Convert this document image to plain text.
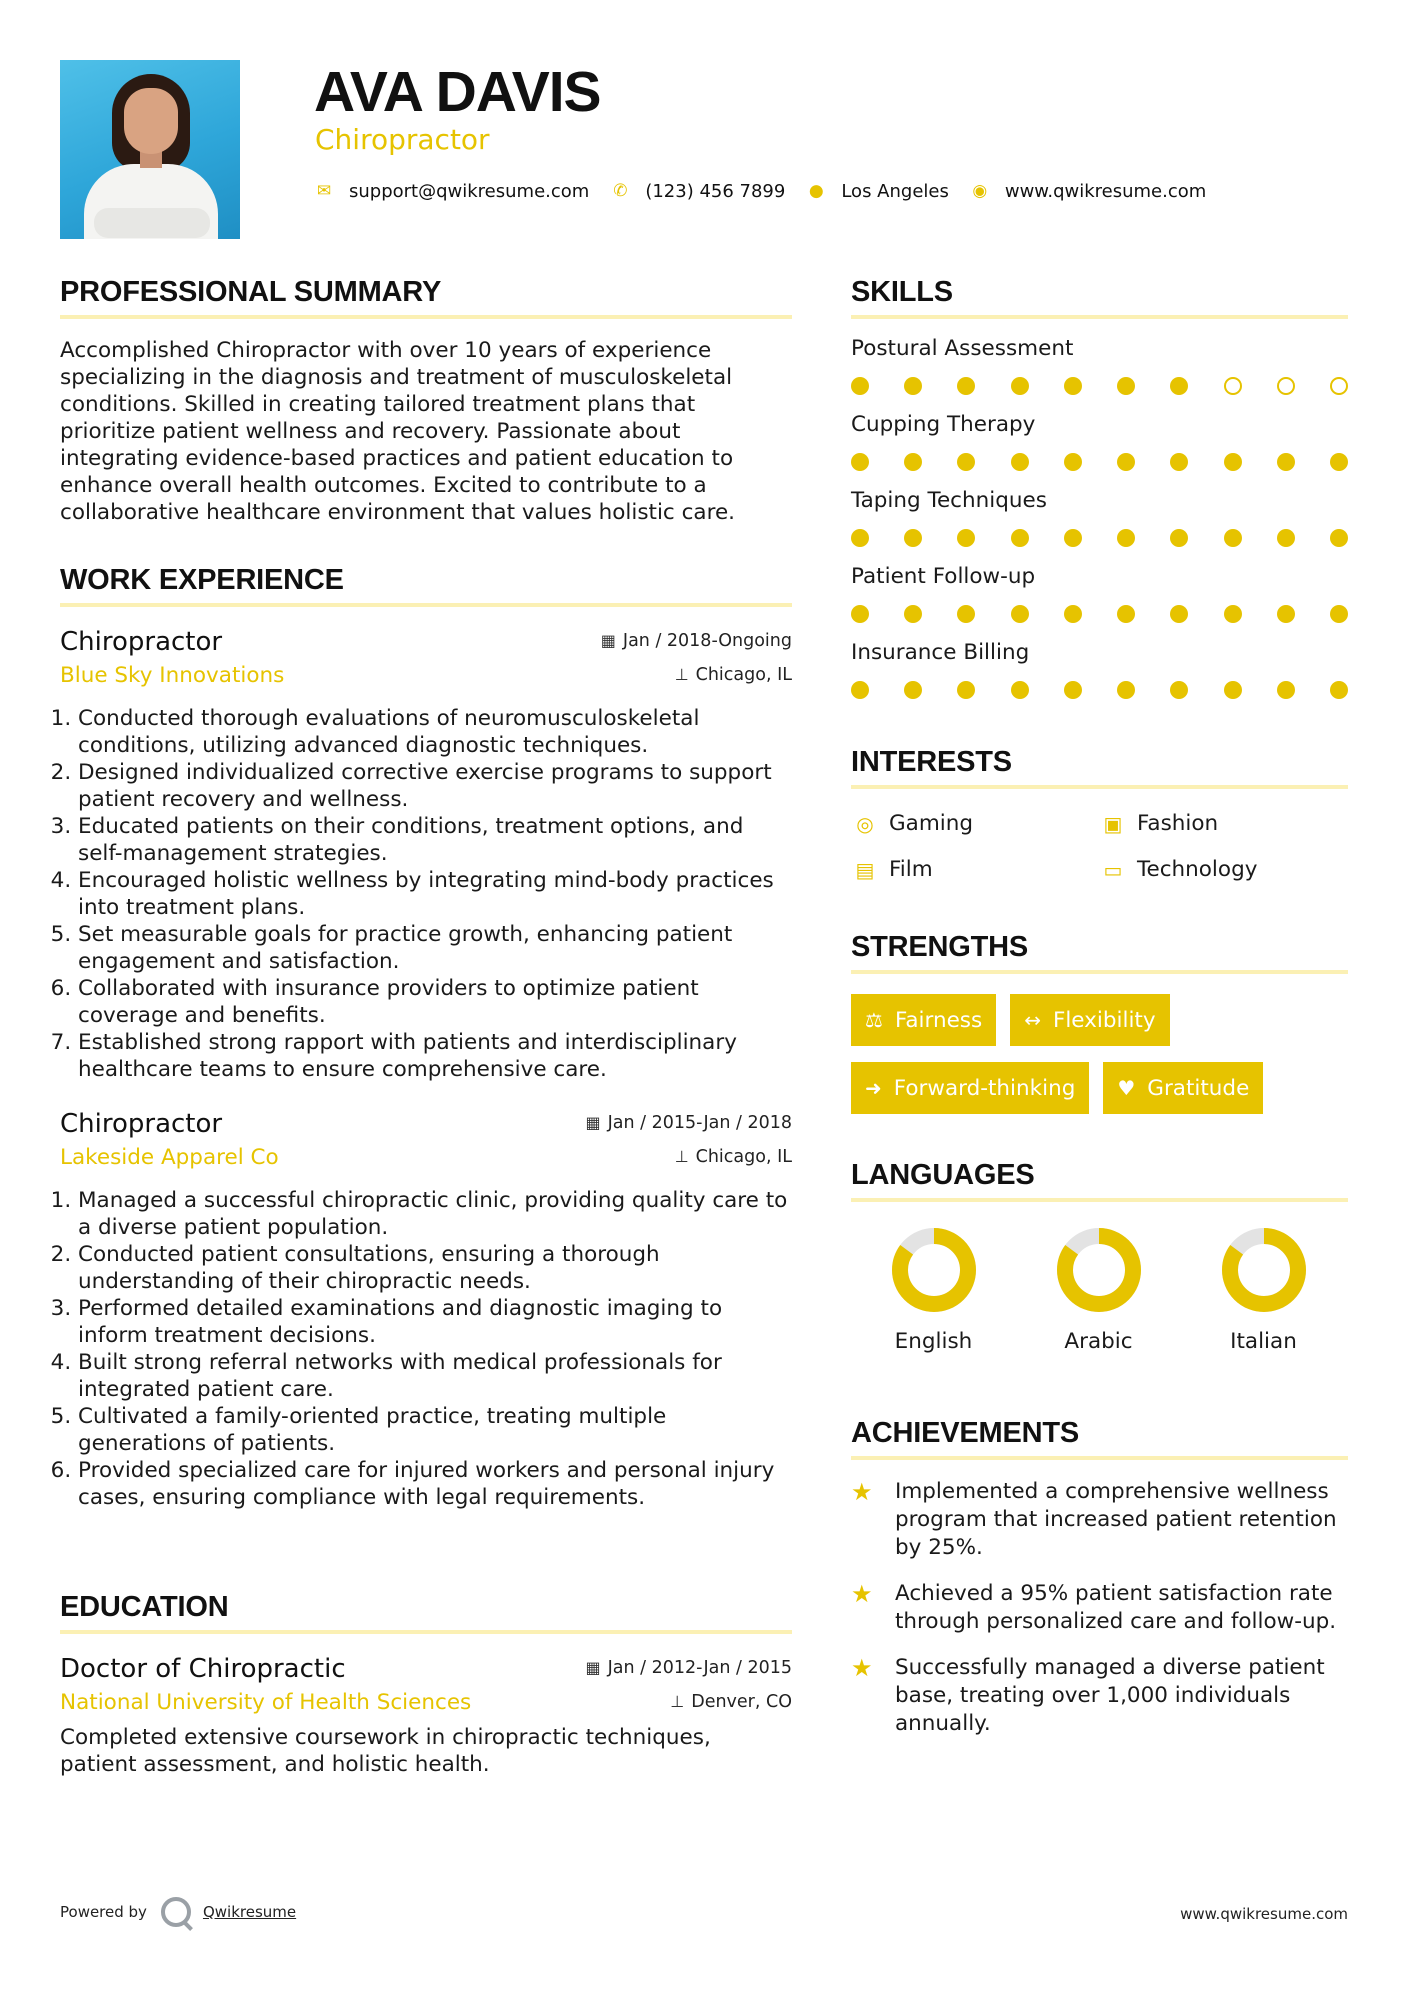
AVA DAVIS
Chiropractor
✉ support@qwikresume.com ✆ (123) 456 7899 ● Los Angeles ◉ www.qwikresume.com
PROFESSIONAL SUMMARY
Accomplished Chiropractor with over 10 years of experience specializing in the diagnosis and treatment of musculoskeletal conditions. Skilled in creating tailored treatment plans that prioritize patient wellness and recovery. Passionate about integrating evidence-based practices and patient education to enhance overall health outcomes. Excited to contribute to a collaborative healthcare environment that values holistic care.
WORK EXPERIENCE
Chiropractor	▦ Jan / 2018-Ongoing
Blue Sky Innovations	⊥ Chicago, IL
1. Conducted thorough evaluations of neuromusculoskeletal conditions, utilizing advanced diagnostic techniques.
2. Designed individualized corrective exercise programs to support patient recovery and wellness.
3. Educated patients on their conditions, treatment options, and self-management strategies.
4. Encouraged holistic wellness by integrating mind-body practices into treatment plans.
5. Set measurable goals for practice growth, enhancing patient engagement and satisfaction.
6. Collaborated with insurance providers to optimize patient coverage and benefits.
7. Established strong rapport with patients and interdisciplinary healthcare teams to ensure comprehensive care.
Chiropractor	▦ Jan / 2015-Jan / 2018
Lakeside Apparel Co	⊥ Chicago, IL
1. Managed a successful chiropractic clinic, providing quality care to a diverse patient population.
2. Conducted patient consultations, ensuring a thorough understanding of their chiropractic needs.
3. Performed detailed examinations and diagnostic imaging to inform treatment decisions.
4. Built strong referral networks with medical professionals for integrated patient care.
5. Cultivated a family-oriented practice, treating multiple generations of patients.
6. Provided specialized care for injured workers and personal injury cases, ensuring compliance with legal requirements.
EDUCATION
Doctor of Chiropractic	▦ Jan / 2012-Jan / 2015
National University of Health Sciences	⊥ Denver, CO
Completed extensive coursework in chiropractic techniques, patient assessment, and holistic health.
SKILLS
Postural Assessment
Cupping Therapy
Taping Techniques
Patient Follow-up
Insurance Billing
INTERESTS
◎ Gaming	▣ Fashion
▤ Film	▭ Technology
STRENGTHS
⚖ Fairness ↔ Flexibility
➜ Forward-thinking ♥ Gratitude
LANGUAGES
English	Arabic	Italian
ACHIEVEMENTS
★	Implemented a comprehensive wellness program that increased patient retention by 25%.
★	Achieved a 95% patient satisfaction rate through personalized care and follow-up.
★	Successfully managed a diverse patient base, treating over 1,000 individuals annually.
Powered by	Qwikresume	www.qwikresume.com
